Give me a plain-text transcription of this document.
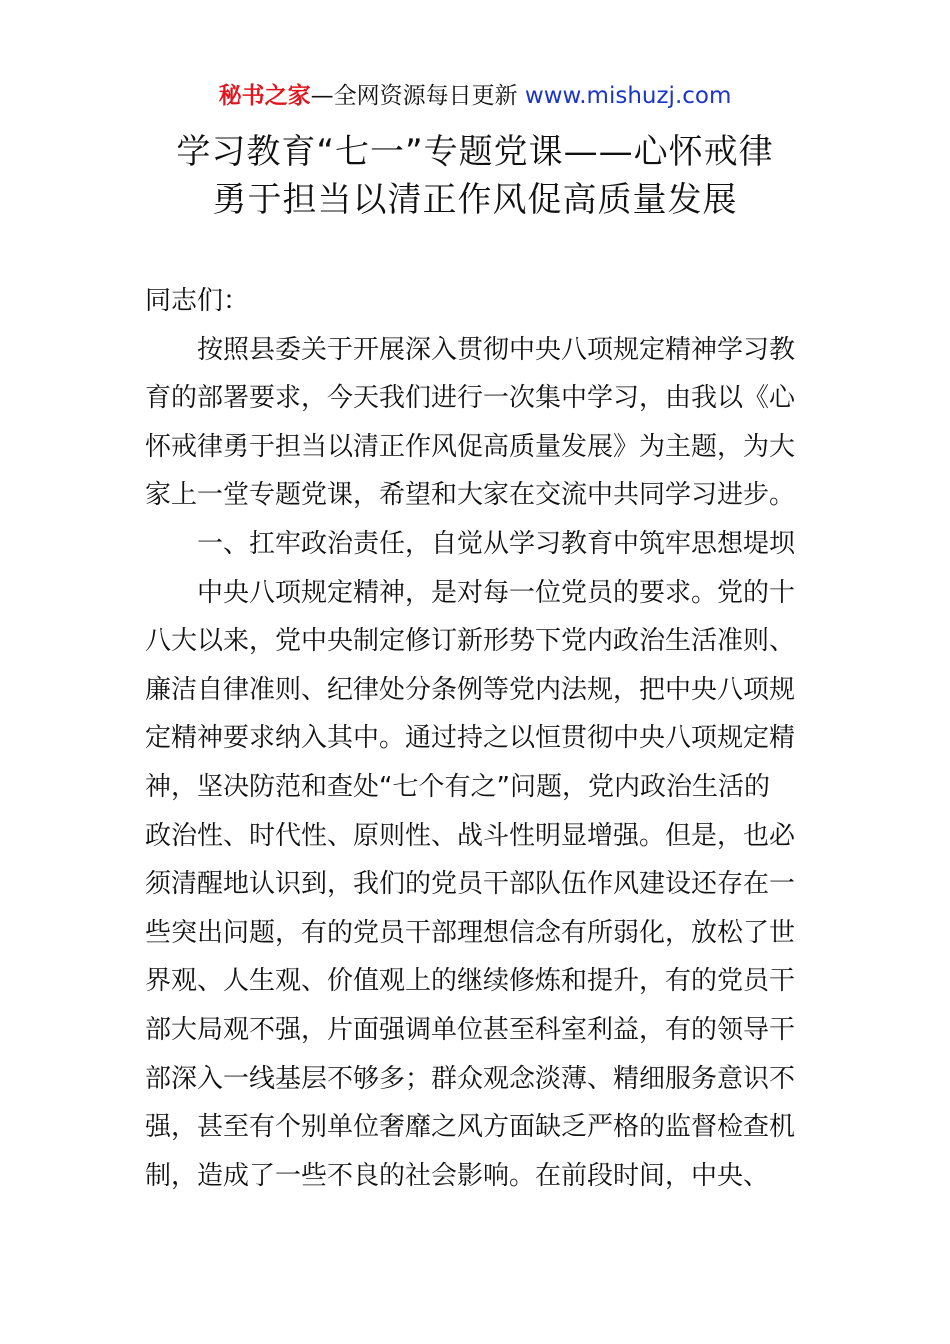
秘书之家—全网资源每日更新 www.mishuzj.com
学习教育“七一”专题党课——心怀戒律
勇于担当以清正作风促高质量发展
同志们：
按照县委关于开展深入贯彻中央八项规定精神学习教
育的部署要求，今天我们进行一次集中学习，由我以《心
怀戒律勇于担当以清正作风促高质量发展》为主题，为大
家上一堂专题党课，希望和大家在交流中共同学习进步。
一、扛牢政治责任，自觉从学习教育中筑牢思想堤坝
中央八项规定精神，是对每一位党员的要求。党的十
八大以来，党中央制定修订新形势下党内政治生活准则、
廉洁自律准则、纪律处分条例等党内法规，把中央八项规
定精神要求纳入其中。通过持之以恒贯彻中央八项规定精
神，坚决防范和查处“七个有之”问题，党内政治生活的
政治性、时代性、原则性、战斗性明显增强。但是，也必
须清醒地认识到，我们的党员干部队伍作风建设还存在一
些突出问题，有的党员干部理想信念有所弱化，放松了世
界观、人生观、价值观上的继续修炼和提升，有的党员干
部大局观不强，片面强调单位甚至科室利益，有的领导干
部深入一线基层不够多；群众观念淡薄、精细服务意识不
强，甚至有个别单位奢靡之风方面缺乏严格的监督检查机
制，造成了一些不良的社会影响。在前段时间，中央、
